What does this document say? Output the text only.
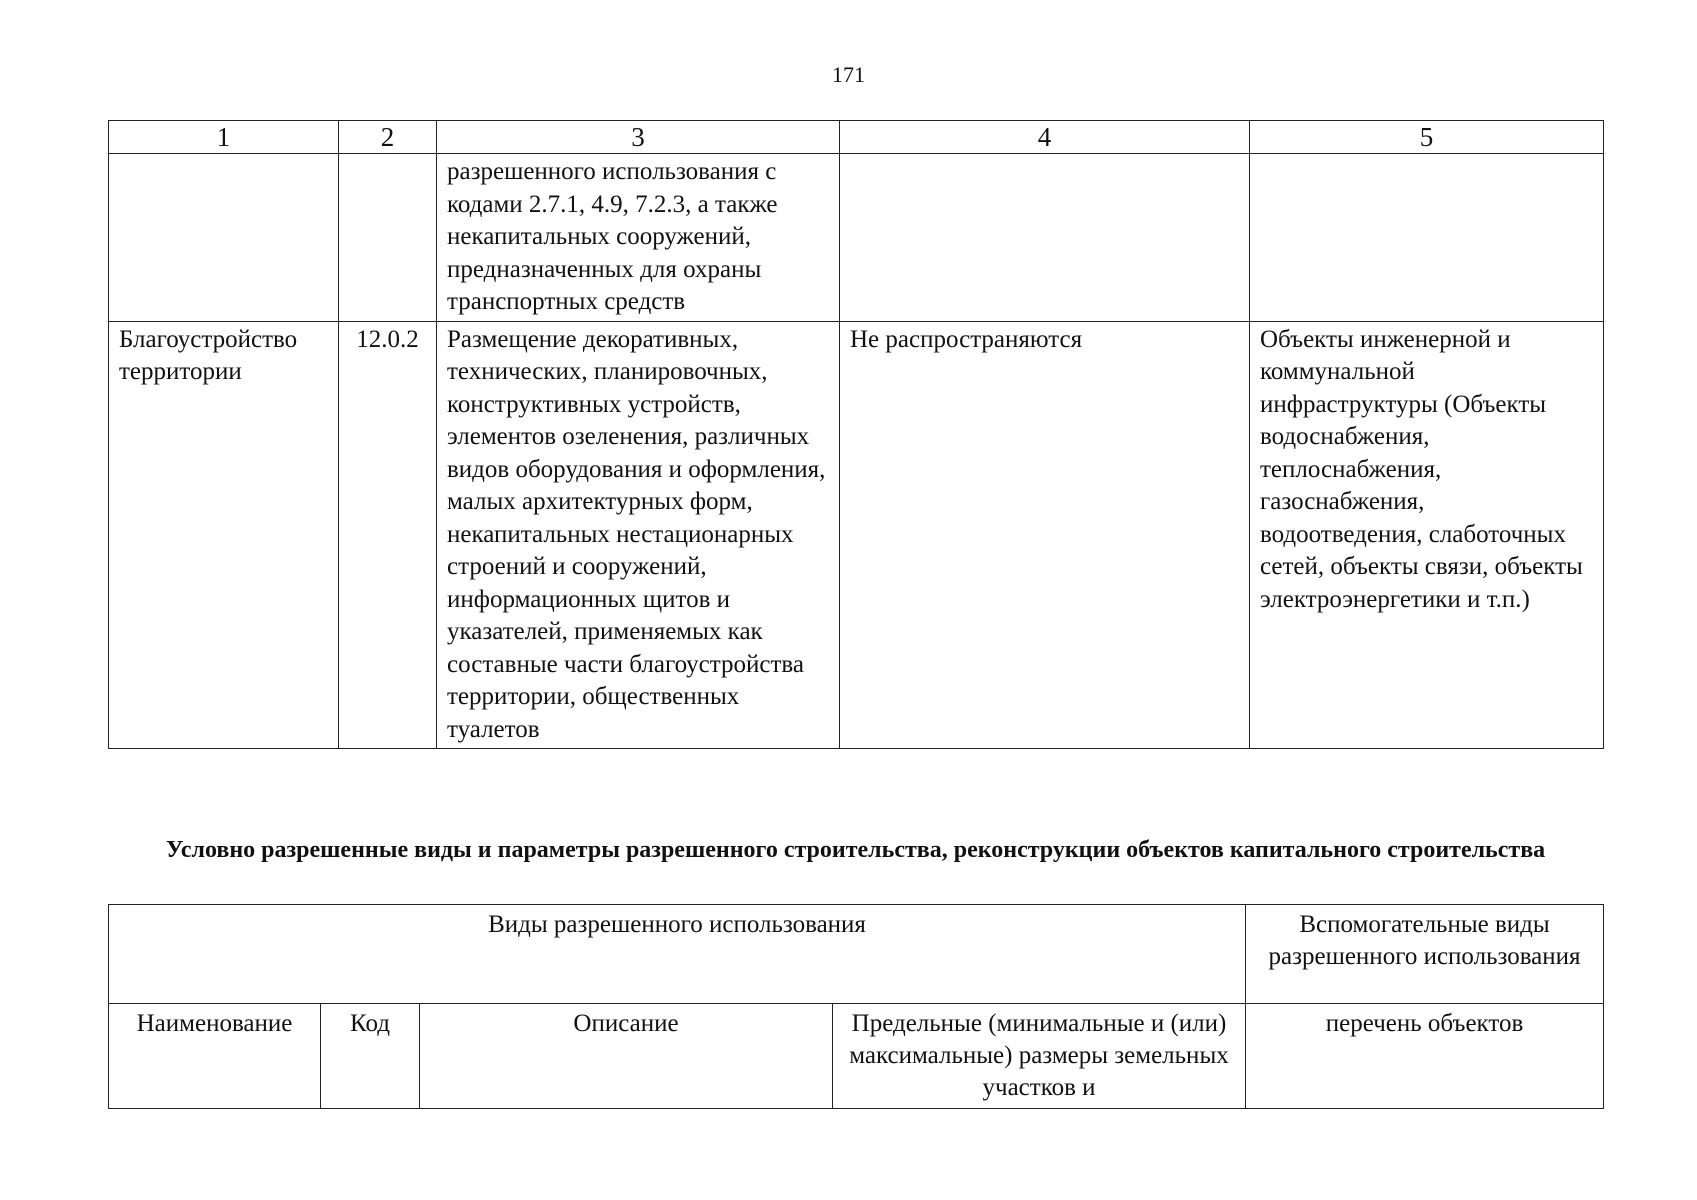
171
1	2	3	4	5
		разрешенного использования с кодами 2.7.1, 4.9, 7.2.3, а также некапитальных сооружений, предназначенных для охраны транспортных средств		
Благоустройство территории	12.0.2	Размещение декоративных, технических, планировочных, конструктивных устройств, элементов озеленения, различных видов оборудования и оформления, малых архитектурных форм, некапитальных нестационарных строений и сооружений, информационных щитов и указателей, применяемых как составные части благоустройства территории, общественных туалетов	Не распространяются	Объекты инженерной и коммунальной инфраструктуры (Объекты водоснабжения, теплоснабжения, газоснабжения, водоотведения, слаботочных сетей, объекты связи, объекты электроэнергетики и т.п.)
Условно разрешенные виды и параметры разрешенного строительства, реконструкции объектов капитального строительства
Виды разрешенного использования				Вспомогательные виды разрешенного использования
Наименование	Код	Описание	Предельные (минимальные и (или) максимальные) размеры земельных участков и	перечень объектов
